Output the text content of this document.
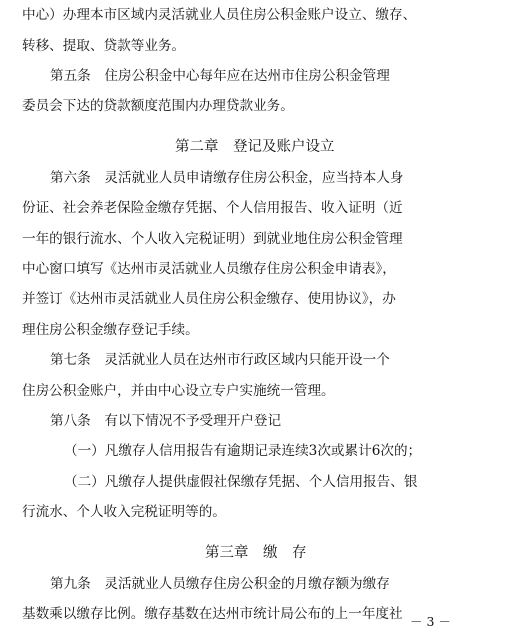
中心）办理本市区域内灵活就业人员住房公积金账户设立、缴存、
转移、提取、贷款等业务。
第五条　住房公积金中心每年应在达州市住房公积金管理
委员会下达的贷款额度范围内办理贷款业务。
第二章　登记及账户设立
第六条　灵活就业人员申请缴存住房公积金，应当持本人身
份证、社会养老保险金缴存凭据、个人信用报告、收入证明（近
一年的银行流水、个人收入完税证明）到就业地住房公积金管理
中心窗口填写《达州市灵活就业人员缴存住房公积金申请表》，
并签订《达州市灵活就业人员住房公积金缴存、使用协议》，办
理住房公积金缴存登记手续。
第七条　灵活就业人员在达州市行政区域内只能开设一个
住房公积金账户，并由中心设立专户实施统一管理。
第八条　有以下情况不予受理开户登记
（一）凡缴存人信用报告有逾期记录连续3次或累计6次的；
（二）凡缴存人提供虚假社保缴存凭据、个人信用报告、银
行流水、个人收入完税证明等的。
第三章　缴　存
第九条　灵活就业人员缴存住房公积金的月缴存额为缴存
基数乘以缴存比例。缴存基数在达州市统计局公布的上一年度社 － 3 －
